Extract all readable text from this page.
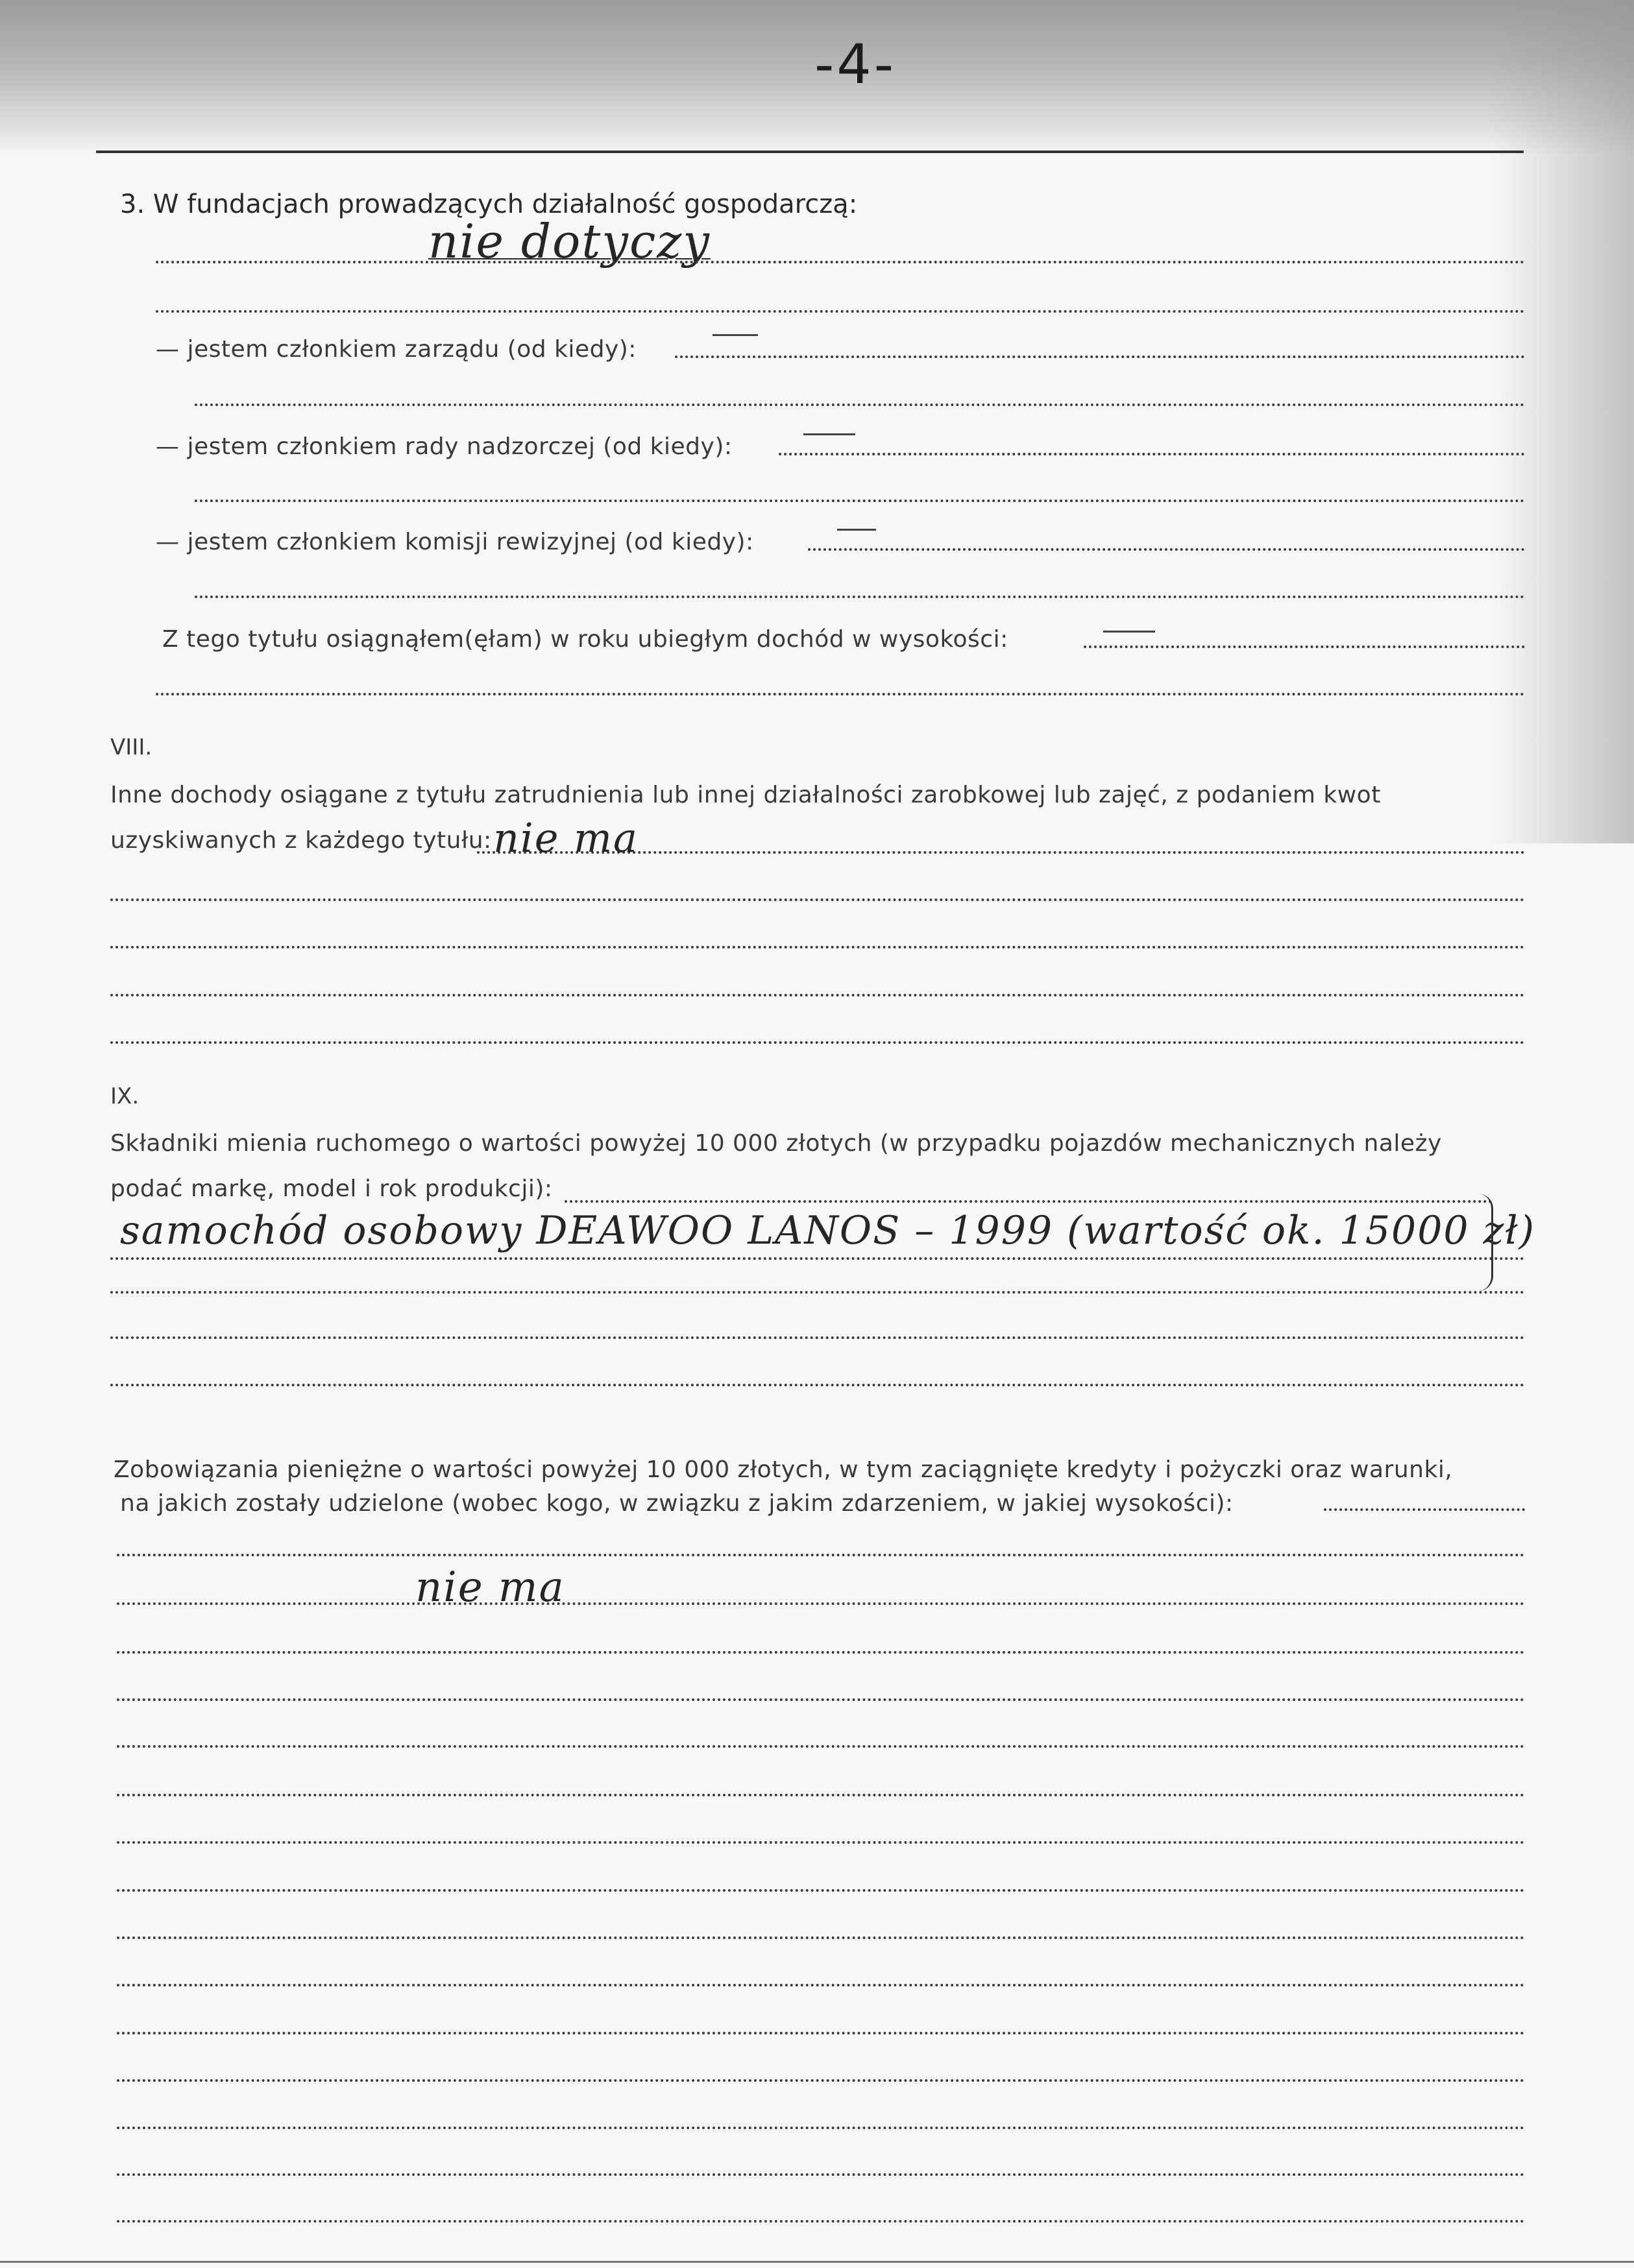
-4-
3. W fundacjach prowadzących działalność gospodarczą:
nie dotyczy
— jestem członkiem zarządu (od kiedy):
— jestem członkiem rady nadzorczej (od kiedy):
— jestem członkiem komisji rewizyjnej (od kiedy):
Z tego tytułu osiągnąłem(ęłam) w roku ubiegłym dochód w wysokości:
VIII.
Inne dochody osiągane z tytułu zatrudnienia lub innej działalności zarobkowej lub zajęć, z podaniem kwot
uzyskiwanych z każdego tytułu: nie ma
IX.
Składniki mienia ruchomego o wartości powyżej 10 000 złotych (w przypadku pojazdów mechanicznych należy
podać markę, model i rok produkcji):
samochód osobowy DEAWOO LANOS – 1999 (wartość ok. 15000 zł)
Zobowiązania pieniężne o wartości powyżej 10 000 złotych, w tym zaciągnięte kredyty i pożyczki oraz warunki,
na jakich zostały udzielone (wobec kogo, w związku z jakim zdarzeniem, w jakiej wysokości):
nie ma
